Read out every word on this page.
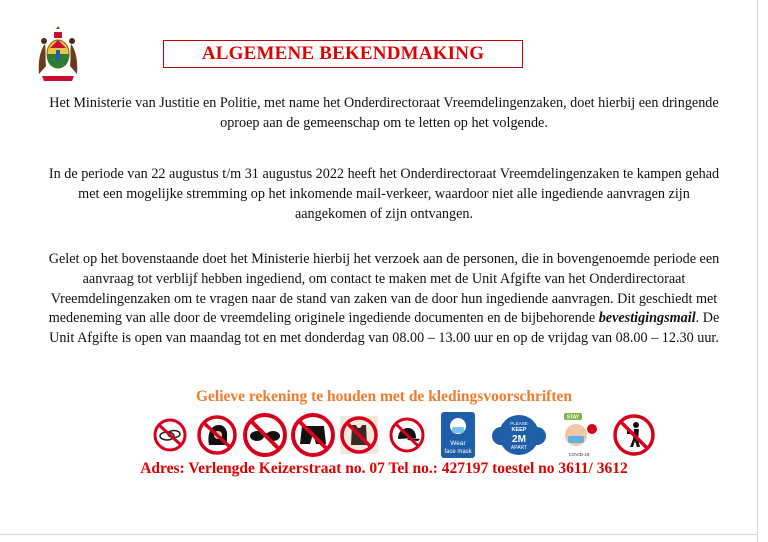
ALGEMENE BEKENDMAKING
Het Ministerie van Justitie en Politie, met name het Onderdirectoraat Vreemdelingenzaken, doet hierbij een dringende
oproep aan de gemeenschap om te letten op het volgende.
In de periode van 22 augustus t/m 31 augustus 2022 heeft het Onderdirectoraat Vreemdelingenzaken te kampen gehad
met een mogelijke stremming op het inkomende mail-verkeer, waardoor niet alle ingediende aanvragen zijn
aangekomen of zijn ontvangen.
Gelet op het bovenstaande doet het Ministerie hierbij het verzoek aan de personen, die in bovengenoemde periode een
aanvraag tot verblijf hebben ingediend, om contact te maken met de Unit Afgifte van het Onderdirectoraat
Vreemdelingenzaken om te vragen naar de stand van zaken van de door hun ingediende aanvragen. Dit geschiedt met
medeneming van alle door de vreemdeling originele ingediende documenten en de bijbehorende bevestigingsmail. De
Unit Afgifte is open van maandag tot en met donderdag van 08.00 – 13.00 uur en op de vrijdag van 08.00 – 12.30 uur.
Gelieve rekening te houden met de kledingsvoorschriften
Wear
face mask
PLEASE
KEEP
2M
APART
STAY
COVID-19
Adres: Verlengde Keizerstraat no. 07 Tel no.: 427197 toestel no 3611/ 3612
